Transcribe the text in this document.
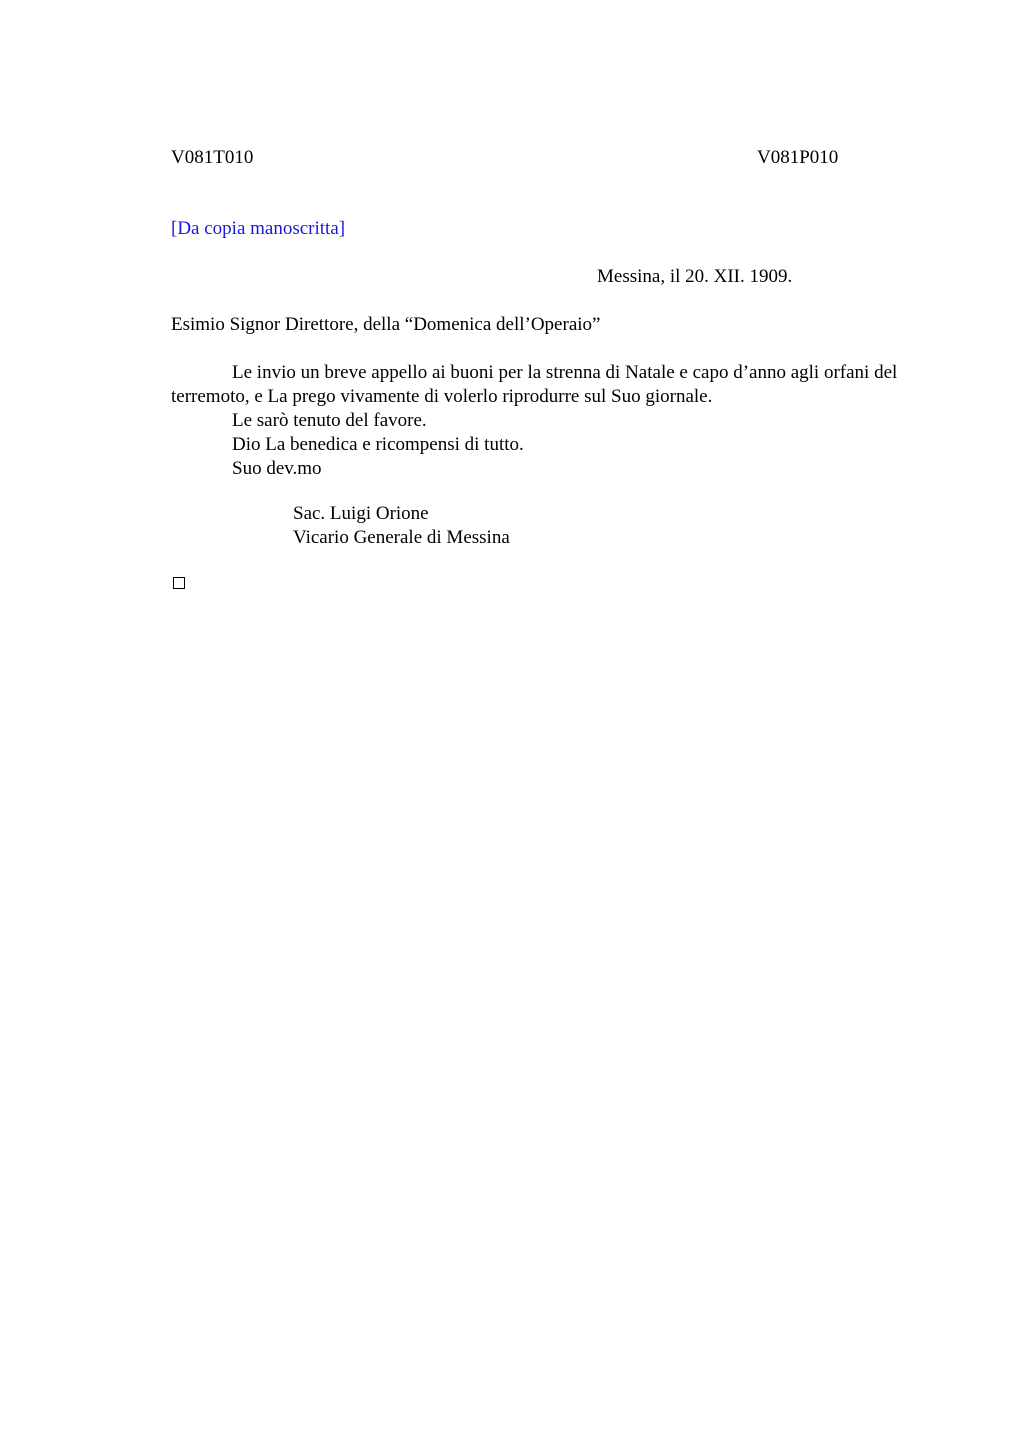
V081T010	V081P010
[Da copia manoscritta]
Messina, il 20. XII. 1909.
Esimio Signor Direttore, della “Domenica dell’Operaio”

Le invio un breve appello ai buoni per la strenna di Natale e capo d’anno agli orfani del terremoto, e La prego vivamente di volerlo riprodurre sul Suo giornale.

Le sarò tenuto del favore.
Dio La benedica e ricompensi di tutto.
Suo dev.mo
Sac. Luigi Orione
Vicario Generale di Messina
